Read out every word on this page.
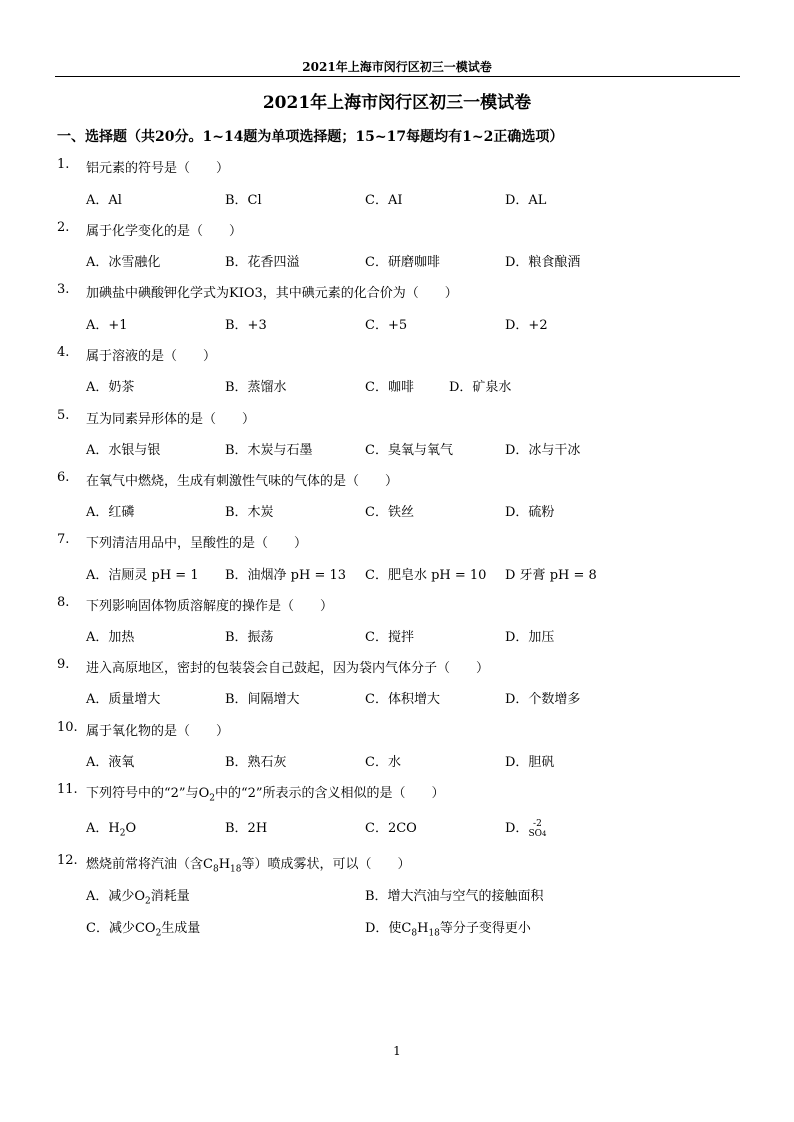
2021年上海市闵行区初三一模试卷
2021年上海市闵行区初三一模试卷
一、选择题（共20分。1~14题为单项选择题；15~17每题均有1~2正确选项）
1. 铝元素的符号是（　　）
A．Al	B．Cl	C．AI	D．AL
2. 属于化学变化的是（　　）
A．冰雪融化	B．花香四溢	C．研磨咖啡	D．粮食酿酒
3. 加碘盐中碘酸钾化学式为KIO3，其中碘元素的化合价为（　　）
A．+1	B．+3	C．+5	D．+2
4. 属于溶液的是（　　）
A．奶茶	B．蒸馏水	C．咖啡	D．矿泉水
5. 互为同素异形体的是（　　）
A．水银与银	B．木炭与石墨	C．臭氧与氧气	D．冰与干冰
6. 在氧气中燃烧，生成有刺激性气味的气体的是（　　）
A．红磷	B．木炭	C．铁丝	D．硫粉
7. 下列清洁用品中，呈酸性的是（　　）
A．洁厕灵 pH = 1 B．油烟净 pH = 13 C．肥皂水 pH = 10 D 牙膏 pH = 8
8. 下列影响固体物质溶解度的操作是（　　）
A．加热	B．振荡	C．搅拌	D．加压
9. 进入高原地区，密封的包装袋会自己鼓起，因为袋内气体分子（　　）
A．质量增大	B．间隔增大	C．体积增大	D．个数增多
10. 属于氧化物的是（　　）
A．液氧	B．熟石灰	C．水	D．胆矾
11. 下列符号中的“2”与$O_2$中的“2”所表示的含义相似的是（　　）
A．$H_2O$	B．2H	C．2CO	D． -2
SO4
12. 燃烧前常将汽油（含$C_8H_{18}$等）喷成雾状，可以（　　）
A．减少$O_2$消耗量	B．增大汽油与空气的接触面积
C．减少$CO_2$生成量	D．使$C_8H_{18}$等分子变得更小
1
